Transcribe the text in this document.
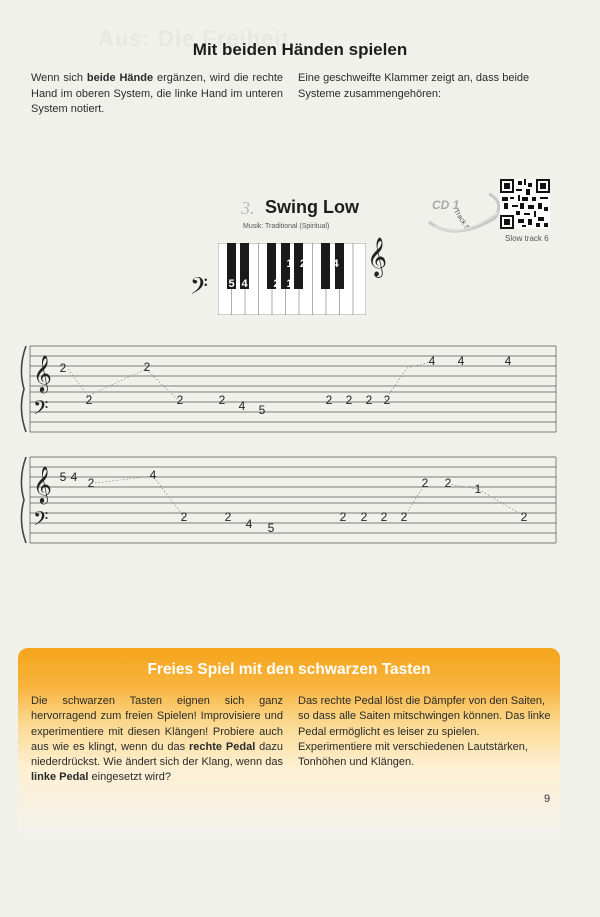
Aus: Die Freiheit
Mit beiden Händen spielen
Wenn sich beide Hände ergänzen, wird die rechte Hand im oberen System, die linke Hand im unteren System notiert.
Eine geschweifte Klammer zeigt an, dass beide Systeme zusammengehören:
3. Swing Low
Musik: Traditional (Spiritual)
CD 1
Track 5
Slow track 6
5 4 2 1
1 2 4 5 𝄞
𝄢
𝄞
𝄢
𝄞
𝄢
2	2	4 4	4
2	2	2 4 5
2 2 2 2
5 4 2
4
2 2 1
2	2 4 5
2 2 2 2	2
Freies Spiel mit den schwarzen Tasten
Die schwarzen Tasten eignen sich ganz hervorragend zum freien Spielen! Improvisiere und experimentiere mit diesen Klängen! Probiere auch aus wie es klingt, wenn du das rechte Pedal dazu niederdrückst. Wie ändert sich der Klang, wenn das linke Pedal eingesetzt wird?
Das rechte Pedal löst die Dämpfer von den Saiten, so dass alle Saiten mitschwingen können. Das linke Pedal ermöglicht es leiser zu spielen. Experimentiere mit verschiedenen Lautstärken, Tonhöhen und Klängen.
9
